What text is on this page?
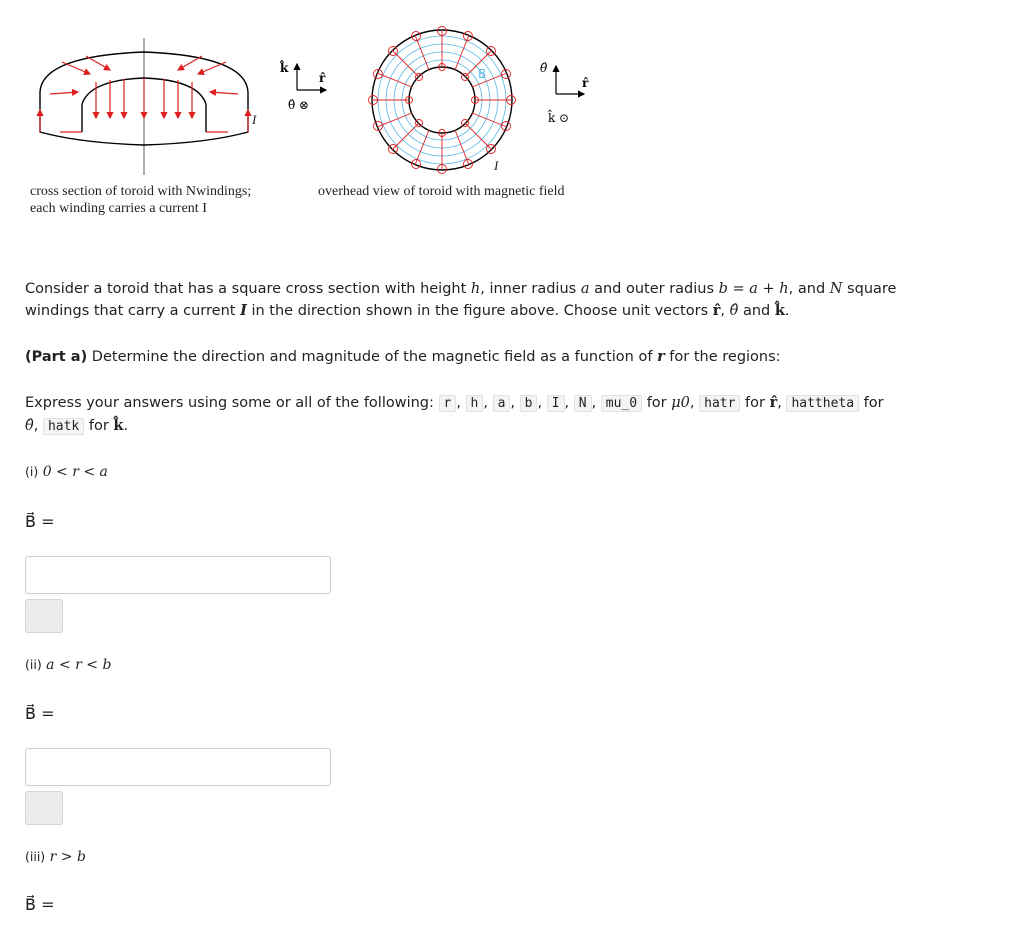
I
k̂
r̂
θ̂ ⊗
B
I
θ̂
r̂
k̂ ⊙
cross section of toroid with Nwindings;
each winding carries a current I
overhead view of toroid with magnetic field

Consider a toroid that has a square cross section with height h, inner radius a and outer radius b = a + h, and N square
windings that carry a current I in the direction shown in the figure above. Choose unit vectors r̂, θ̂ and k̂.

(Part a) Determine the direction and magnitude of the magnetic field as a function of r for the regions:

Express your answers using some or all of the following: r , h , a , b , I , N , mu_0 for μ0, hatr for r̂, hattheta for
θ̂, hatk for k̂.

(i) 0 < r < a
B⃗ =
(ii) a < r < b
B⃗ =
(iii) r > b
B⃗ =
